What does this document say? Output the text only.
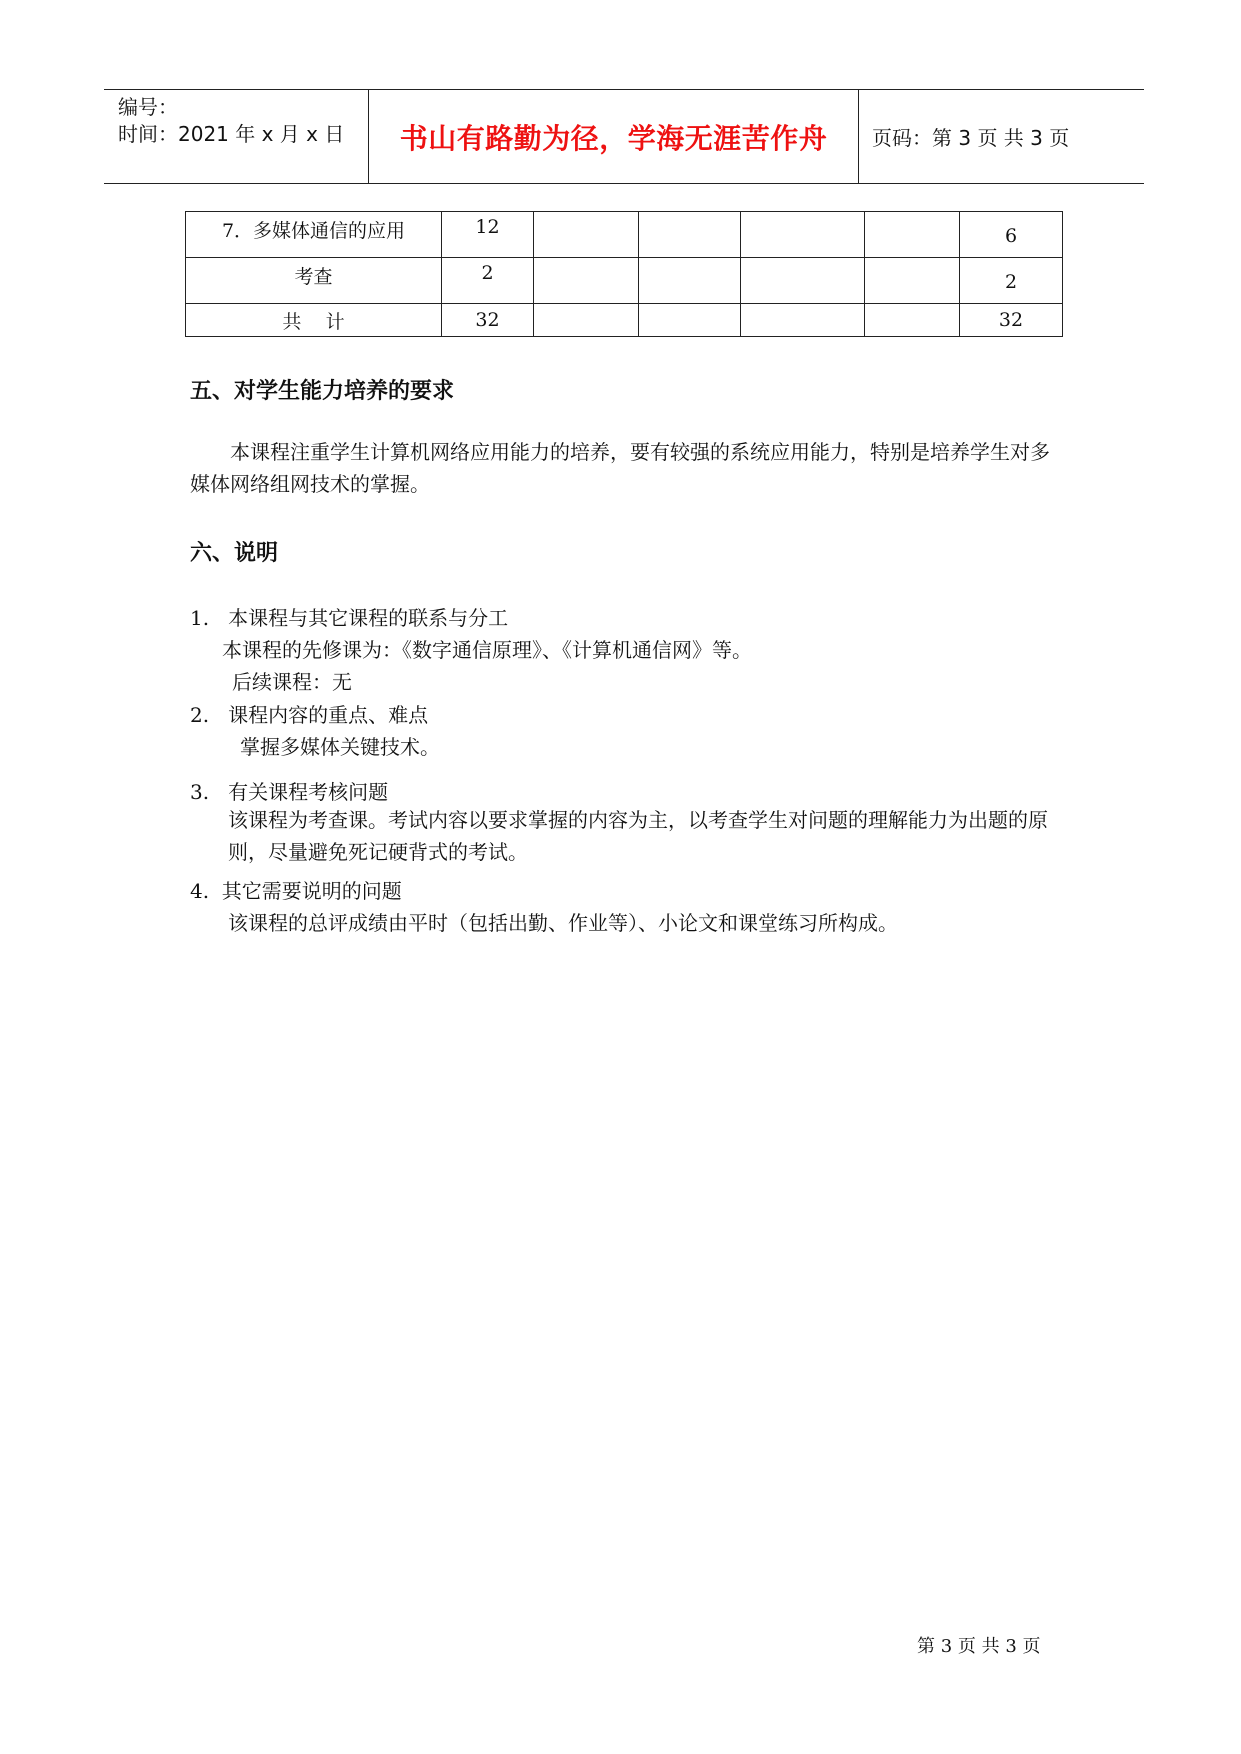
编号：
时间：2021 年 x 月 x 日	书山有路勤为径，学海无涯苦作舟	页码：第 3 页 共 3 页
7．多媒体通信的应用	12					6

考查	2					2

共    计	32					32
五、对学生能力培养的要求
本课程注重学生计算机网络应用能力的培养，要有较强的系统应用能力，特别是培养学生对多媒体网络组网技术的掌握。
六、说明
1.   本课程与其它课程的联系与分工
本课程的先修课为：《数字通信原理》、《计算机通信网》等。
后续课程：无
2.   课程内容的重点、难点
掌握多媒体关键技术。
3.   有关课程考核问题
该课程为考查课。考试内容以要求掌握的内容为主，以考查学生对问题的理解能力为出题的原则，尽量避免死记硬背式的考试。
4.  其它需要说明的问题
该课程的总评成绩由平时（包括出勤、作业等）、小论文和课堂练习所构成。
第 3 页 共 3 页
